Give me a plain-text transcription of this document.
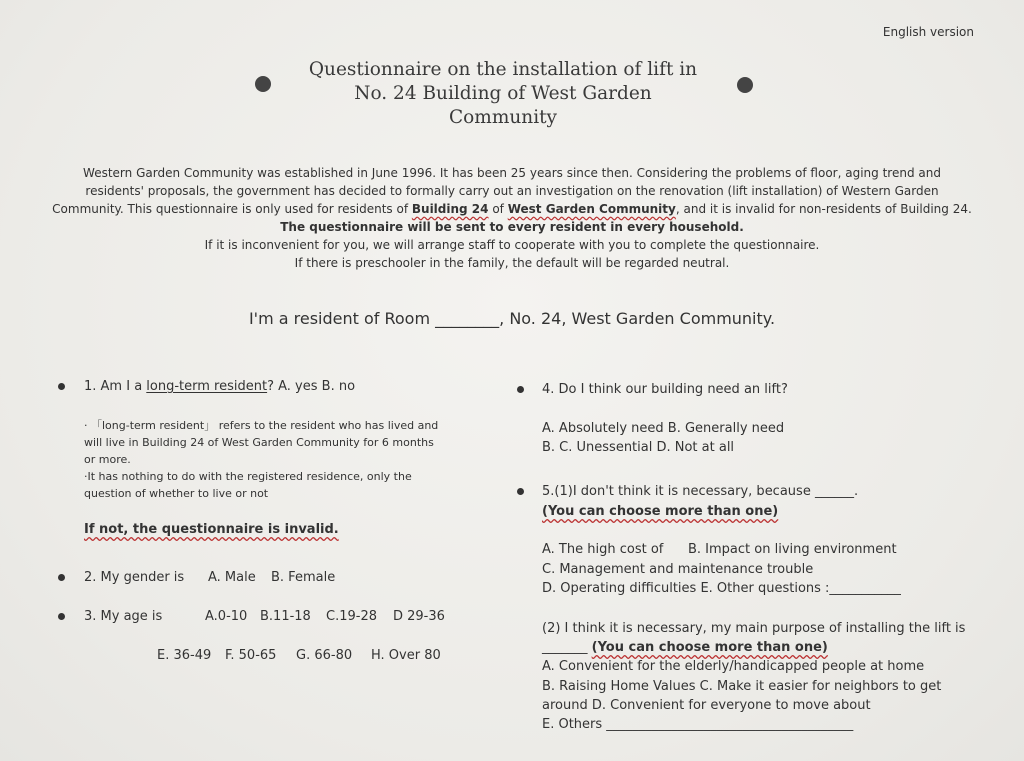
English version
Questionnaire on the installation of lift in
No. 24 Building of West Garden
Community
Western Garden Community was established in June 1996. It has been 25 years since then. Considering the problems of floor, aging trend and
residents' proposals, the government has decided to formally carry out an investigation on the renovation (lift installation) of Western Garden
Community. This questionnaire is only used for residents of Building 24 of West Garden Community, and it is invalid for non-residents of Building 24.
The questionnaire will be sent to every resident in every household.
If it is inconvenient for you, we will arrange staff to cooperate with you to complete the questionnaire.
If there is preschooler in the family, the default will be regarded neutral.
I'm a resident of Room ________, No. 24, West Garden Community.
1. Am I a long-term resident? A. yes B. no
· 「long-term resident」 refers to the resident who has lived and
will live in Building 24 of West Garden Community for 6 months
or more.
·It has nothing to do with the registered residence, only the
question of whether to live or not
If not, the questionnaire is invalid.
2. My gender is A. Male B. Female
3. My age is	A.0-10 B.11-18 C.19-28 D 29-36
E. 36-49 F. 50-65 G. 66-80 H. Over 80
4. Do I think our building need an lift?
A. Absolutely need B. Generally need
B. C. Unessential D. Not at all
5.(1)I don't think it is necessary, because ______.
(You can choose more than one)
A. The high cost of B. Impact on living environment
C. Management and maintenance trouble
D. Operating difficulties E. Other questions :___________
(2) I think it is necessary, my main purpose of installing the lift is
_______ (You can choose more than one)
A. Convenient for the elderly/handicapped people at home
B. Raising Home Values C. Make it easier for neighbors to get
around D. Convenient for everyone to move about
E. Others ______________________________________
